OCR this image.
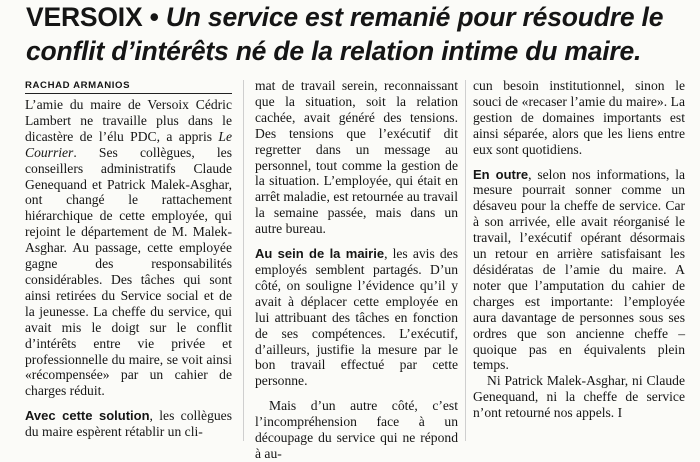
VERSOIX • Un service est remanié pour résoudre le conflit d’intérêts né de la relation intime du maire.
RACHAD ARMANIOS

L’amie du maire de Versoix Cédric Lambert ne travaille plus dans le dicastère de l’élu PDC, a appris Le Courrier. Ses collègues, les conseillers administratifs Claude Genequand et Patrick Malek-Asghar, ont changé le rattachement hiérarchique de cette employée, qui rejoint le département de M. Malek-Asghar. Au passage, cette employée gagne des responsabilités considérables. Des tâches qui sont ainsi retirées du Service social et de la jeunesse. La cheffe du service, qui avait mis le doigt sur le conflit d’intérêts entre vie privée et professionnelle du maire, se voit ainsi «récompensée» par un cahier de charges réduit.

Avec cette solution, les collègues du maire espèrent rétablir un cli-

mat de travail serein, reconnaissant que la situation, soit la relation cachée, avait généré des tensions. Des tensions que l’exécutif dit regretter dans un message au personnel, tout comme la gestion de la situation. L’employée, qui était en arrêt maladie, est retournée au travail la semaine passée, mais dans un autre bureau.

Au sein de la mairie, les avis des employés semblent partagés. D’un côté, on souligne l’évidence qu’il y avait à déplacer cette employée en lui attribuant des tâches en fonction de ses compétences. L’exécutif, d’ailleurs, justifie la mesure par le bon travail effectué par cette personne.

Mais d’un autre côté, c’est l’incompréhension face à un découpage du service qui ne répond à au-

cun besoin institutionnel, sinon le souci de «recaser l’amie du maire». La gestion de domaines importants est ainsi séparée, alors que les liens entre eux sont quotidiens.

En outre, selon nos informations, la mesure pourrait sonner comme un désaveu pour la cheffe de service. Car à son arrivée, elle avait réorganisé le travail, l’exécutif opérant désormais un retour en arrière satisfaisant les désidératas de l’amie du maire. A noter que l’amputation du cahier de charges est importante: l’employée aura davantage de personnes sous ses ordres que son ancienne cheffe – quoique pas en équivalents plein temps.

Ni Patrick Malek-Asghar, ni Claude Genequand, ni la cheffe de service n’ont retourné nos appels. I
